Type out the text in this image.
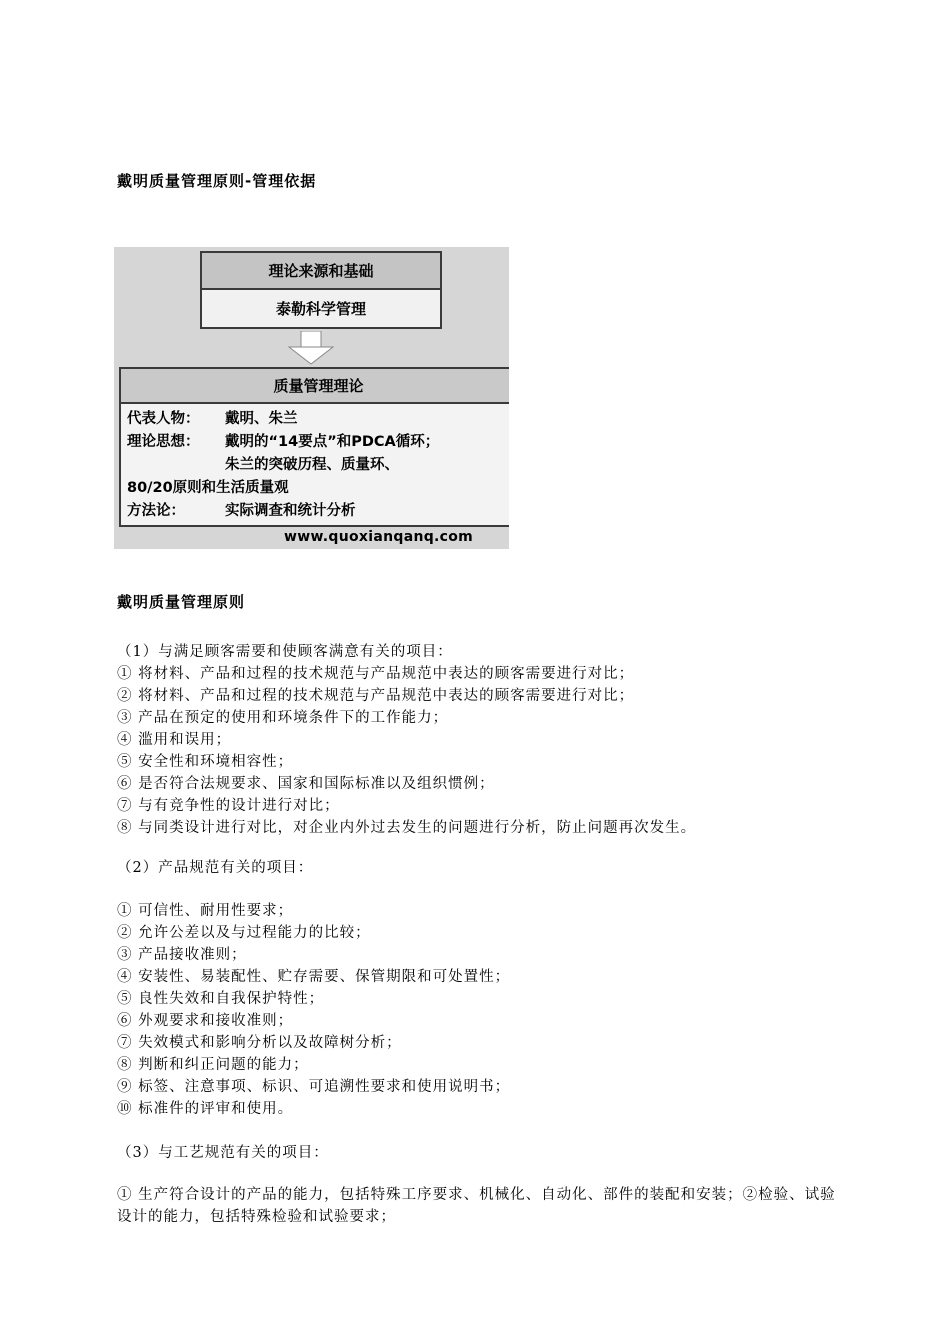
戴明质量管理原则-管理依据
理论来源和基础
泰勒科学管理
质量管理理论
代表人物： 戴明、朱兰
理论思想： 戴明的“14要点”和PDCA循环；
朱兰的突破历程、质量环、
80/20原则和生活质量观
方法论：	实际调查和统计分析
www.quoxianqanq.com
戴明质量管理原则
（1）与满足顾客需要和使顾客满意有关的项目：
① 将材料、产品和过程的技术规范与产品规范中表达的顾客需要进行对比；
② 将材料、产品和过程的技术规范与产品规范中表达的顾客需要进行对比；
③ 产品在预定的使用和环境条件下的工作能力；
④ 滥用和误用；
⑤ 安全性和环境相容性；
⑥ 是否符合法规要求、国家和国际标准以及组织惯例；
⑦ 与有竞争性的设计进行对比；
⑧ 与同类设计进行对比，对企业内外过去发生的问题进行分析，防止问题再次发生。
（2）产品规范有关的项目：
① 可信性、耐用性要求；
② 允许公差以及与过程能力的比较；
③ 产品接收准则；
④ 安装性、易装配性、贮存需要、保管期限和可处置性；
⑤ 良性失效和自我保护特性；
⑥ 外观要求和接收准则；
⑦ 失效模式和影响分析以及故障树分析；
⑧ 判断和纠正问题的能力；
⑨ 标签、注意事项、标识、可追溯性要求和使用说明书；
⑩ 标准件的评审和使用。
（3）与工艺规范有关的项目：
① 生产符合设计的产品的能力，包括特殊工序要求、机械化、自动化、部件的装配和安装；②检验、试验设计的能力，包括特殊检验和试验要求；
